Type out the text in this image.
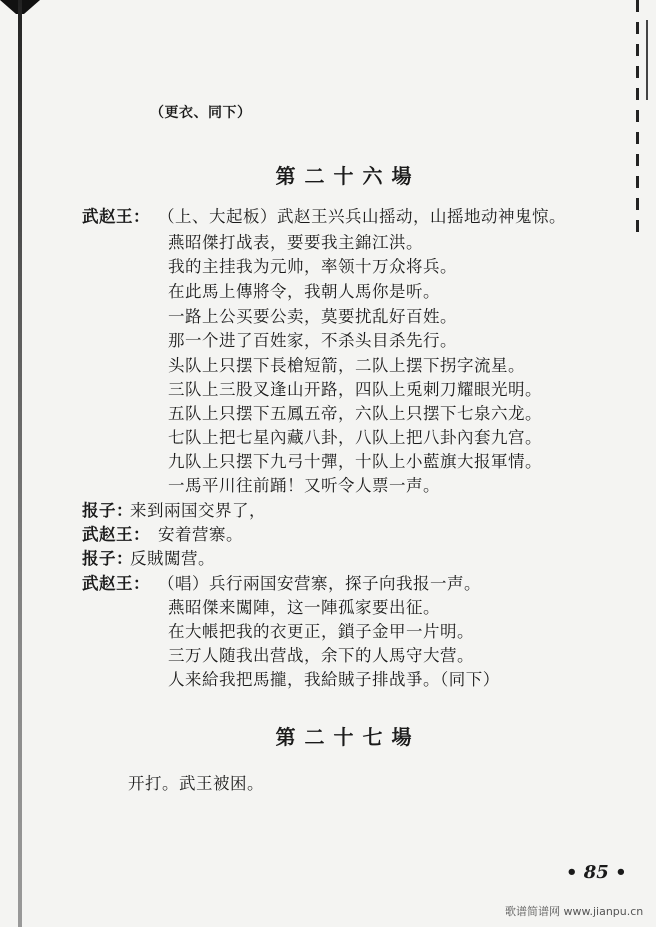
（更衣、同下）
第二十六場
武赵王： （上、大起板）武赵王兴兵山摇动，山摇地动神鬼惊。
燕昭傑打战表，要要我主錦江洪。
我的主挂我为元帅，率领十万众将兵。
在此馬上傳將令，我朝人馬你是听。
一路上公买要公卖，莫要扰乱好百姓。
那一个进了百姓家，不杀头目杀先行。
头队上只摆下長槍短箭，二队上摆下拐字流星。
三队上三股叉逢山开路，四队上兎刺刀耀眼光明。
五队上只摆下五鳳五帝，六队上只摆下七泉六龙。
七队上把七星內藏八卦，八队上把八卦內套九宫。
九队上只摆下九弓十彈，十队上小藍旗大报軍情。
一馬平川往前踊！又听令人票一声。
报子：
来到兩国交界了，
武赵王： 安着营寨。
报子：
反賊闖营。
武赵王： （唱）兵行兩国安营寨，探子向我报一声。
燕昭傑来闖陣，这一陣孤家要出征。
在大帳把我的衣更正，鎖子金甲一片明。
三万人随我出营战，余下的人馬守大营。
人来給我把馬攏，我給賊子排战爭。（同下）
第二十七場
开打。武王被困。
• 85 •
歌谱简谱网 www.jianpu.cn
